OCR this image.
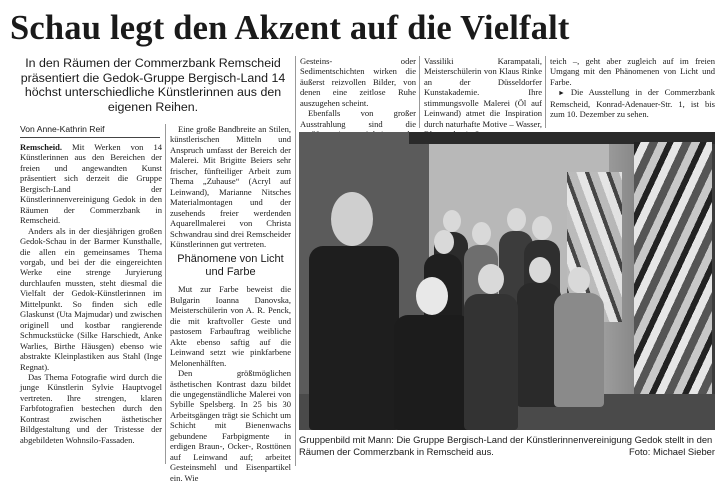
Schau legt den Akzent auf die Vielfalt
In den Räumen der Commerzbank Remscheid präsentiert die Gedok-Gruppe Bergisch-Land 14 höchst unterschiedliche Künstlerinnen aus den eigenen Reihen.
Von Anne-Kathrin Reif

Remscheid. Mit Werken von 14 Künstlerinnen aus den Bereichen der freien und angewandten Kunst präsentiert sich derzeit die Gruppe Bergisch-Land der Künstlerinnenvereinigung Gedok in den Räumen der Commerzbank in Remscheid.

Anders als in der diesjährigen großen Gedok-Schau in der Barmer Kunsthalle, die allen ein gemeinsames Thema vorgab, und bei der die eingereichten Werke eine strenge Juryierung durchlaufen mussten, steht diesmal die Vielfalt der Gedok-Künstlerinnen im Mittelpunkt. So finden sich edle Glaskunst (Uta Majmudar) und zwischen originell und kostbar rangierende Schmuckstücke (Silke Harschiedt, Anke Warlies, Birthe Häusgen) ebenso wie abstrakte Kleinplastiken aus Stahl (Inge Regnat).

Das Thema Fotografie wird durch die junge Künstlerin Sylvie Hauptvogel vertreten. Ihre strengen, klaren Farbfotografien bestechen durch den Kontrast zwischen ästhetischer Bildgestaltung und der Tristesse der abgebildeten Wohnsilo-Fassaden.

Eine große Bandbreite an Stilen, künstlerischen Mitteln und Anspruch umfasst der Bereich der Malerei. Mit Brigitte Beiers sehr frischer, fünfteiliger Arbeit zum Thema „Zuhause“ (Acryl auf Leinwand), Marianne Nitsches Materialmontagen und der zusehends freier werdenden Aquarellmalerei von Christa Schwandrau sind drei Remscheider Künstlerinnen gut vertreten.

Phänomene von Licht und Farbe

Mut zur Farbe beweist die Bulgarin Ioanna Danovska, Meisterschülerin von A. R. Penck, die mit kraftvoller Geste und pastosem Farbauftrag weibliche Akte ebenso saftig auf die Leinwand setzt wie pinkfarbene Melonenhälften.

Den größtmöglichen ästhetischen Kontrast dazu bildet die ungegenständliche Malerei von Sybille Spelsberg. In 25 bis 30 Arbeitsgängen trägt sie Schicht um Schicht mit Bienenwachs gebundene Farbpigmente in erdigen Braun-, Ocker-, Rosttönen auf Leinwand auf; arbeitet Gesteinsmehl und Eisenpartikel ein. Wie

Gesteins- oder Sedimentschichten wirken die äußerst reizvollen Bilder, von denen eine zeitlose Ruhe auszugehen scheint.

Ebenfalls von großer Ausstrahlung sind die

Vassiliki Karampatali, Meisterschülerin von Klaus Rinke an der Düsseldorfer Kunstakademie. Ihre stimmungsvolle Malerei (Öl auf Leinwand) atmet die Inspiration durch naturhafte Motive – Wasser,

teich –, geht aber zugleich auf im freien Umgang mit den Phänomenen von Licht und Farbe.

► Die Ausstellung in der Commerzbank Remscheid, Konrad-Adenauer-Str. 1, ist bis zum 10. Dezember zu sehen.

Gruppenbild mit Mann: Die Gruppe Bergisch-Land der Künstlerinnenvereinigung Gedok stellt in den Räumen der Commerzbank in Remscheid aus.	Foto: Michael Sieber
